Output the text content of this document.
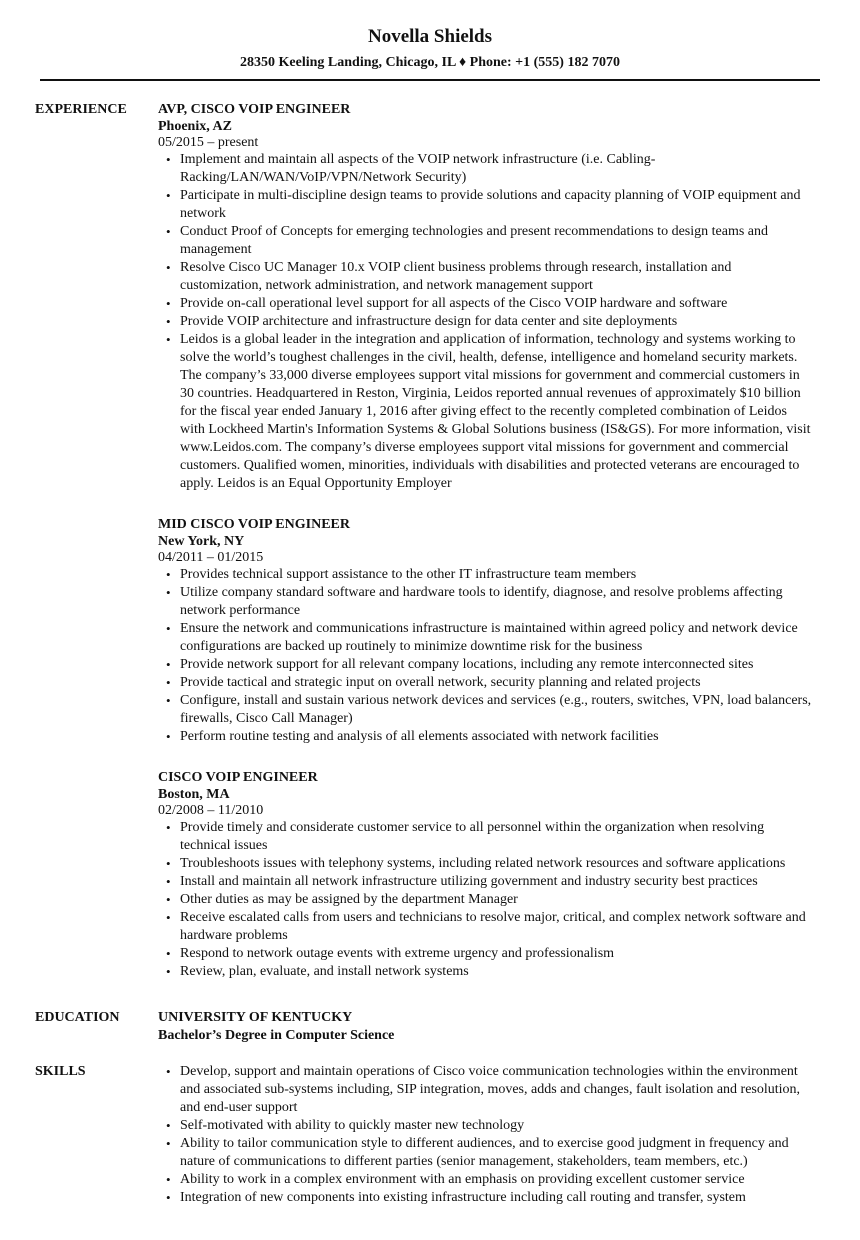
Novella Shields
28350 Keeling Landing, Chicago, IL ♦ Phone: +1 (555) 182 7070
EXPERIENCE	AVP, CISCO VOIP ENGINEER
Phoenix, AZ
05/2015 – present
• Implement and maintain all aspects of the VOIP network infrastructure (i.e. Cabling-Racking/LAN/WAN/VoIP/VPN/Network Security)
• Participate in multi-discipline design teams to provide solutions and capacity planning of VOIP equipment and network
• Conduct Proof of Concepts for emerging technologies and present recommendations to design teams and management
• Resolve Cisco UC Manager 10.x VOIP client business problems through research, installation and customization, network administration, and network management support
• Provide on-call operational level support for all aspects of the Cisco VOIP hardware and software
• Provide VOIP architecture and infrastructure design for data center and site deployments
• Leidos is a global leader in the integration and application of information, technology and systems working to solve the world’s toughest challenges in the civil, health, defense, intelligence and homeland security markets. The company’s 33,000 diverse employees support vital missions for government and commercial customers in 30 countries. Headquartered in Reston, Virginia, Leidos reported annual revenues of approximately $10 billion for the fiscal year ended January 1, 2016 after giving effect to the recently completed combination of Leidos with Lockheed Martin's Information Systems & Global Solutions business (IS&GS). For more information, visit www.Leidos.com. The company’s diverse employees support vital missions for government and commercial customers. Qualified women, minorities, individuals with disabilities and protected veterans are encouraged to apply. Leidos is an Equal Opportunity Employer
MID CISCO VOIP ENGINEER
New York, NY
04/2011 – 01/2015
• Provides technical support assistance to the other IT infrastructure team members
• Utilize company standard software and hardware tools to identify, diagnose, and resolve problems affecting network performance
• Ensure the network and communications infrastructure is maintained within agreed policy and network device configurations are backed up routinely to minimize downtime risk for the business
• Provide network support for all relevant company locations, including any remote interconnected sites
• Provide tactical and strategic input on overall network, security planning and related projects
• Configure, install and sustain various network devices and services (e.g., routers, switches, VPN, load balancers, firewalls, Cisco Call Manager)
• Perform routine testing and analysis of all elements associated with network facilities
CISCO VOIP ENGINEER
Boston, MA
02/2008 – 11/2010
• Provide timely and considerate customer service to all personnel within the organization when resolving technical issues
• Troubleshoots issues with telephony systems, including related network resources and software applications
• Install and maintain all network infrastructure utilizing government and industry security best practices
• Other duties as may be assigned by the department Manager
• Receive escalated calls from users and technicians to resolve major, critical, and complex network software and hardware problems
• Respond to network outage events with extreme urgency and professionalism
• Review, plan, evaluate, and install network systems
EDUCATION	UNIVERSITY OF KENTUCKY
Bachelor’s Degree in Computer Science
SKILLS
•	Develop, support and maintain operations of Cisco voice communication technologies within the environment and associated sub-systems including, SIP integration, moves, adds and changes, fault isolation and resolution, and end-user support
• Self-motivated with ability to quickly master new technology
• Ability to tailor communication style to different audiences, and to exercise good judgment in frequency and nature of communications to different parties (senior management, stakeholders, team members, etc.)
• Ability to work in a complex environment with an emphasis on providing excellent customer service
• Integration of new components into existing infrastructure including call routing and transfer, system
